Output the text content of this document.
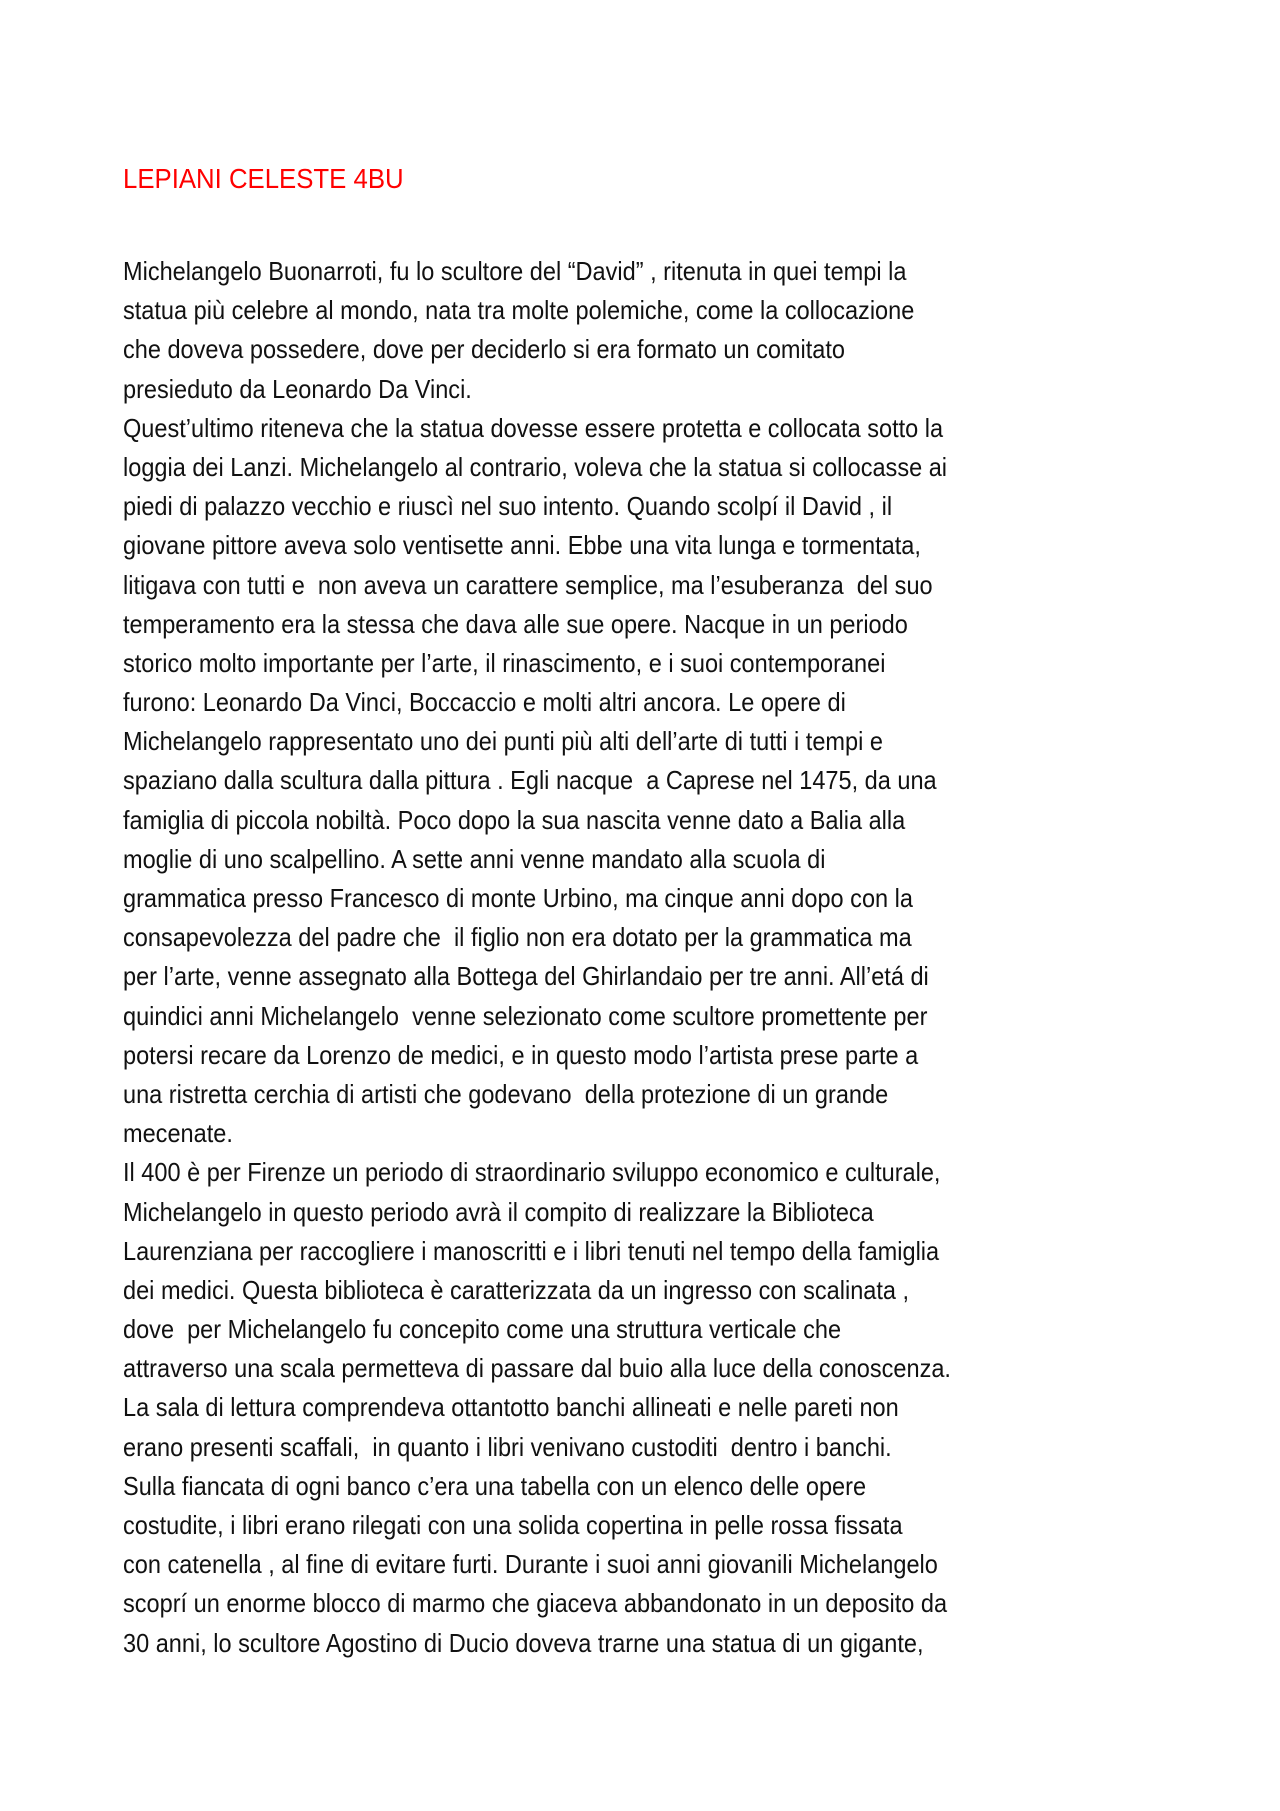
LEPIANI CELESTE 4BU
Michelangelo Buonarroti, fu lo scultore del “David” , ritenuta in quei tempi la
statua più celebre al mondo, nata tra molte polemiche, come la collocazione
che doveva possedere, dove per deciderlo si era formato un comitato
presieduto da Leonardo Da Vinci.
Quest’ultimo riteneva che la statua dovesse essere protetta e collocata sotto la
loggia dei Lanzi. Michelangelo al contrario, voleva che la statua si collocasse ai
piedi di palazzo vecchio e riuscì nel suo intento. Quando scolpí il David , il
giovane pittore aveva solo ventisette anni. Ebbe una vita lunga e tormentata,
litigava con tutti e  non aveva un carattere semplice, ma l’esuberanza  del suo
temperamento era la stessa che dava alle sue opere. Nacque in un periodo
storico molto importante per l’arte, il rinascimento, e i suoi contemporanei
furono: Leonardo Da Vinci, Boccaccio e molti altri ancora. Le opere di
Michelangelo rappresentato uno dei punti più alti dell’arte di tutti i tempi e
spaziano dalla scultura dalla pittura . Egli nacque  a Caprese nel 1475, da una
famiglia di piccola nobiltà. Poco dopo la sua nascita venne dato a Balia alla
moglie di uno scalpellino. A sette anni venne mandato alla scuola di
grammatica presso Francesco di monte Urbino, ma cinque anni dopo con la
consapevolezza del padre che  il figlio non era dotato per la grammatica ma
per l’arte, venne assegnato alla Bottega del Ghirlandaio per tre anni. All’etá di
quindici anni Michelangelo  venne selezionato come scultore promettente per
potersi recare da Lorenzo de medici, e in questo modo l’artista prese parte a
una ristretta cerchia di artisti che godevano  della protezione di un grande
mecenate.
Il 400 è per Firenze un periodo di straordinario sviluppo economico e culturale,
Michelangelo in questo periodo avrà il compito di realizzare la Biblioteca
Laurenziana per raccogliere i manoscritti e i libri tenuti nel tempo della famiglia
dei medici. Questa biblioteca è caratterizzata da un ingresso con scalinata ,
dove  per Michelangelo fu concepito come una struttura verticale che
attraverso una scala permetteva di passare dal buio alla luce della conoscenza.
La sala di lettura comprendeva ottantotto banchi allineati e nelle pareti non
erano presenti scaffali,  in quanto i libri venivano custoditi  dentro i banchi.
Sulla fiancata di ogni banco c’era una tabella con un elenco delle opere
costudite, i libri erano rilegati con una solida copertina in pelle rossa fissata
con catenella , al fine di evitare furti. Durante i suoi anni giovanili Michelangelo
scoprí un enorme blocco di marmo che giaceva abbandonato in un deposito da
30 anni, lo scultore Agostino di Ducio doveva trarne una statua di un gigante,
